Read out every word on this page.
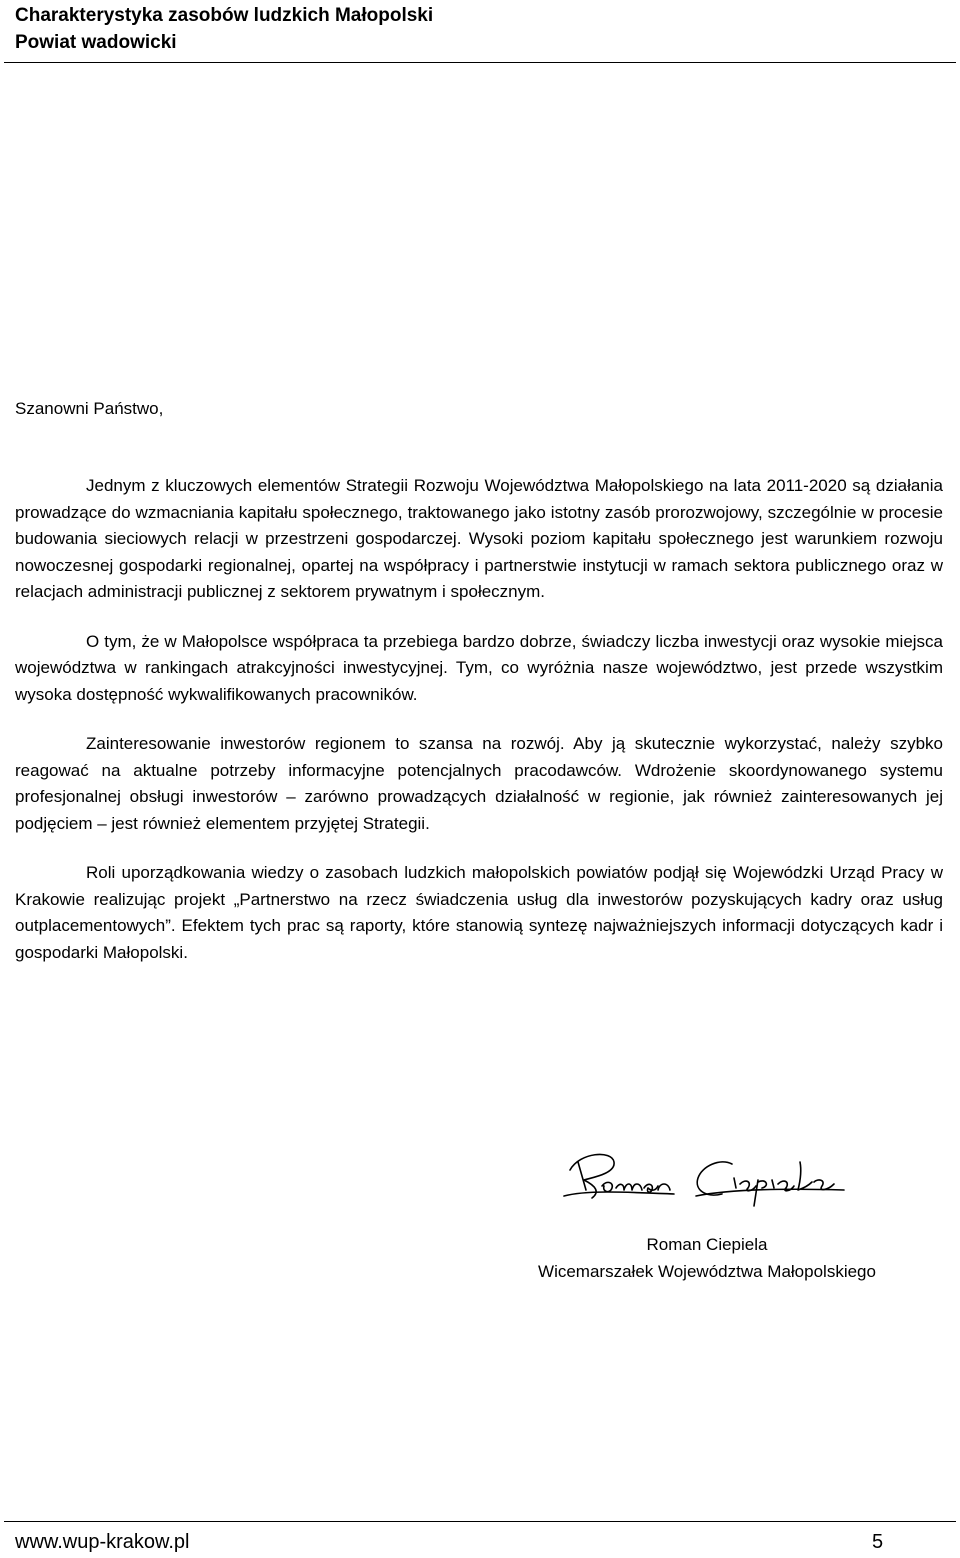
Charakterystyka zasobów ludzkich Małopolski
Powiat wadowicki
Szanowni Państwo,

Jednym z kluczowych elementów Strategii Rozwoju Województwa Małopolskiego na lata 2011-2020 są działania prowadzące do wzmacniania kapitału społecznego, traktowanego jako istotny zasób prorozwojowy, szczególnie w procesie budowania sieciowych relacji w przestrzeni gospodarczej. Wysoki poziom kapitału społecznego jest warunkiem rozwoju nowoczesnej gospodarki regionalnej, opartej na współpracy i partnerstwie instytucji w ramach sektora publicznego oraz w relacjach administracji publicznej z sektorem prywatnym i społecznym.

O tym, że w Małopolsce współpraca ta przebiega bardzo dobrze, świadczy liczba inwestycji oraz wysokie miejsca województwa w rankingach atrakcyjności inwestycyjnej. Tym, co wyróżnia nasze województwo, jest przede wszystkim wysoka dostępność wykwalifikowanych pracowników.

Zainteresowanie inwestorów regionem to szansa na rozwój. Aby ją skutecznie wykorzystać, należy szybko reagować na aktualne potrzeby informacyjne potencjalnych pracodawców. Wdrożenie skoordynowanego systemu profesjonalnej obsługi inwestorów – zarówno prowadzących działalność w regionie, jak również zainteresowanych jej podjęciem – jest również elementem przyjętej Strategii.

Roli uporządkowania wiedzy o zasobach ludzkich małopolskich powiatów podjął się Wojewódzki Urząd Pracy w Krakowie realizując projekt „Partnerstwo na rzecz świadczenia usług dla inwestorów pozyskujących kadry oraz usług outplacementowych”. Efektem tych prac są raporty, które stanowią syntezę najważniejszych informacji dotyczących kadr i gospodarki Małopolski.

Roman Ciepiela
Wicemarszałek Województwa Małopolskiego
www.wup-krakow.pl	5
